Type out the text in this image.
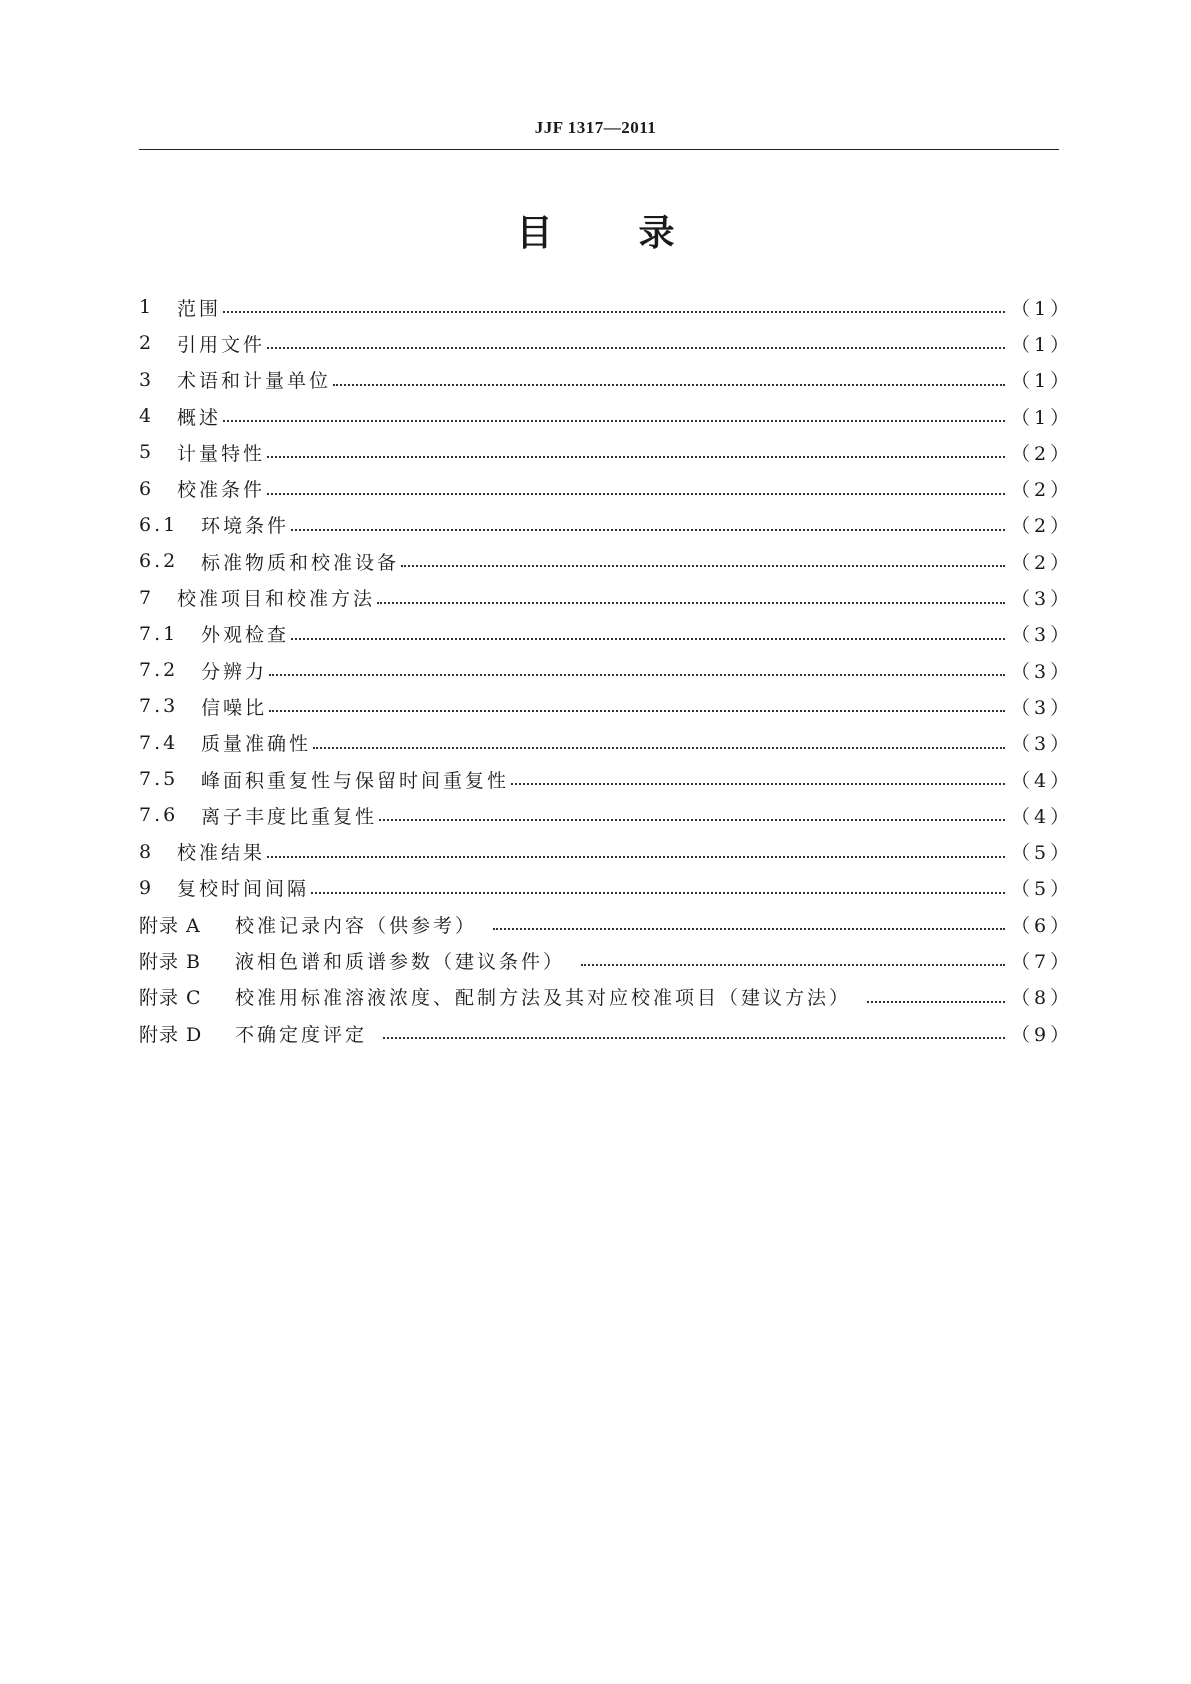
JJF 1317—2011
目 录
1	范围	（1）
2	引用文件	（1）
3	术语和计量单位	（1）
4	概述	（1）
5	计量特性	（2）
6	校准条件	（2）
6.1	环境条件	（2）
6.2	标准物质和校准设备	（2）
7	校准项目和校准方法	（3）
7.1	外观检查	（3）
7.2	分辨力	（3）
7.3	信噪比	（3）
7.4	质量准确性	（3）
7.5	峰面积重复性与保留时间重复性	（4）
7.6	离子丰度比重复性	（4）
8	校准结果	（5）
9	复校时间间隔	（5）
附录 A	校准记录内容（供参考）	（6）
附录 B	液相色谱和质谱参数（建议条件）	（7）
附录 C	校准用标准溶液浓度、配制方法及其对应校准项目（建议方法）	（8）
附录 D	不确定度评定	（9）
